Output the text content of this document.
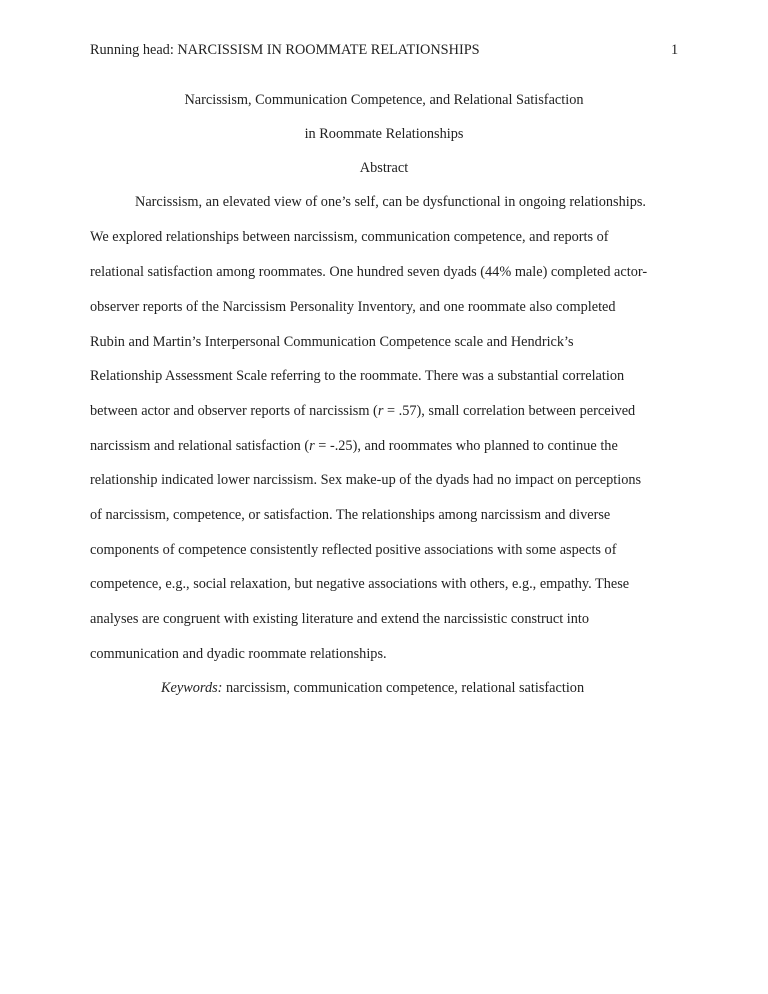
Running head: NARCISSISM IN ROOMMATE RELATIONSHIPS	1
Narcissism, Communication Competence, and Relational Satisfaction
in Roommate Relationships
Abstract
Narcissism, an elevated view of one’s self, can be dysfunctional in ongoing relationships.
We explored relationships between narcissism, communication competence, and reports of
relational satisfaction among roommates. One hundred seven dyads (44% male) completed actor-
observer reports of the Narcissism Personality Inventory, and one roommate also completed
Rubin and Martin’s Interpersonal Communication Competence scale and Hendrick’s
Relationship Assessment Scale referring to the roommate. There was a substantial correlation
between actor and observer reports of narcissism (r = .57), small correlation between perceived
narcissism and relational satisfaction (r = -.25), and roommates who planned to continue the
relationship indicated lower narcissism. Sex make-up of the dyads had no impact on perceptions
of narcissism, competence, or satisfaction. The relationships among narcissism and diverse
components of competence consistently reflected positive associations with some aspects of
competence, e.g., social relaxation, but negative associations with others, e.g., empathy. These
analyses are congruent with existing literature and extend the narcissistic construct into
communication and dyadic roommate relationships.
Keywords: narcissism, communication competence, relational satisfaction
